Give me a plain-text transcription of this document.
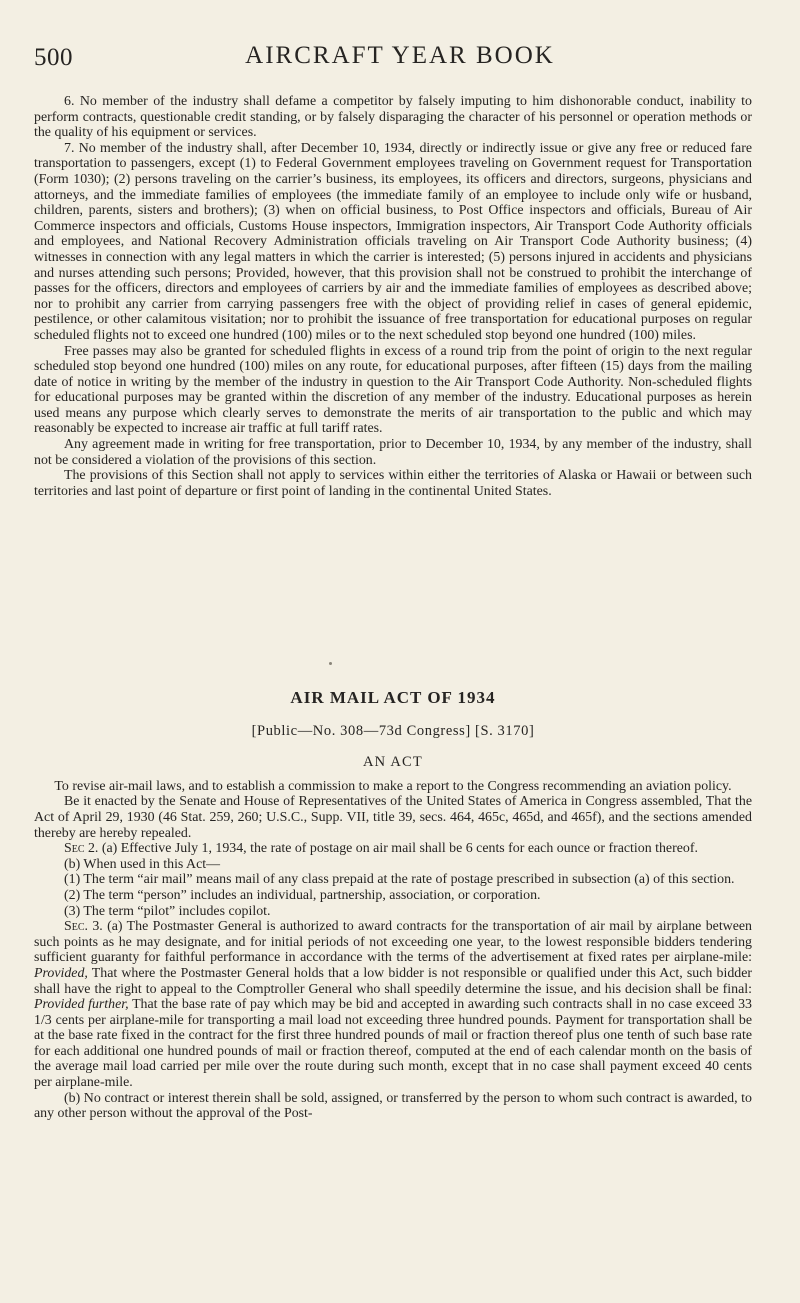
500	AIRCRAFT YEAR BOOK

6. No member of the industry shall defame a competitor by falsely imputing to him dishonorable conduct, inability to perform contracts, questionable credit standing, or by falsely disparaging the character of his personnel or operation methods or the quality of his equipment or services.

7. No member of the industry shall, after December 10, 1934, directly or indirectly issue or give any free or reduced fare transportation to passengers, except (1) to Federal Government employees traveling on Government request for Transportation (Form 1030); (2) persons traveling on the carrier’s business, its employees, its officers and directors, surgeons, physicians and attorneys, and the immediate families of employees (the immediate family of an employee to include only wife or husband, children, parents, sisters and brothers); (3) when on official business, to Post Office inspectors and officials, Bureau of Air Commerce inspectors and officials, Customs House inspectors, Immigration inspectors, Air Transport Code Authority officials and employees, and National Recovery Administration officials traveling on Air Transport Code Authority business; (4) witnesses in connection with any legal matters in which the carrier is interested; (5) persons injured in accidents and physicians and nurses attending such persons; Provided, however, that this provision shall not be construed to prohibit the interchange of passes for the officers, directors and employees of carriers by air and the immediate families of employees as described above; nor to prohibit any carrier from carrying passengers free with the object of providing relief in cases of general epidemic, pestilence, or other calamitous visitation; nor to prohibit the issuance of free transportation for educational purposes on regular scheduled flights not to exceed one hundred (100) miles or to the next scheduled stop beyond one hundred (100) miles.

Free passes may also be granted for scheduled flights in excess of a round trip from the point of origin to the next regular scheduled stop beyond one hundred (100) miles on any route, for educational purposes, after fifteen (15) days from the mailing date of notice in writing by the member of the industry in question to the Air Transport Code Authority. Non-scheduled flights for educational purposes may be granted within the discretion of any member of the industry. Educational purposes as herein used means any purpose which clearly serves to demonstrate the merits of air transportation to the public and which may reasonably be expected to increase air traffic at full tariff rates.

Any agreement made in writing for free transportation, prior to December 10, 1934, by any member of the industry, shall not be considered a violation of the provisions of this section.

The provisions of this Section shall not apply to services within either the territories of Alaska or Hawaii or between such territories and last point of departure or first point of landing in the continental United States.

AIR MAIL ACT OF 1934
[Public—No. 308—73d Congress] [S. 3170]
AN ACT

To revise air-mail laws, and to establish a commission to make a report to the Congress recommending an aviation policy.

Be it enacted by the Senate and House of Representatives of the United States of America in Congress assembled, That the Act of April 29, 1930 (46 Stat. 259, 260; U.S.C., Supp. VII, title 39, secs. 464, 465c, 465d, and 465f), and the sections amended thereby are hereby repealed.

Sec 2. (a) Effective July 1, 1934, the rate of postage on air mail shall be 6 cents for each ounce or fraction thereof.

(b) When used in this Act—

(1) The term “air mail” means mail of any class prepaid at the rate of postage prescribed in subsection (a) of this section.

(2) The term “person” includes an individual, partnership, association, or corporation.

(3) The term “pilot” includes copilot.

Sec. 3. (a) The Postmaster General is authorized to award contracts for the transportation of air mail by airplane between such points as he may designate, and for initial periods of not exceeding one year, to the lowest responsible bidders tendering sufficient guaranty for faithful performance in accordance with the terms of the advertisement at fixed rates per airplane-mile: Provided, That where the Postmaster General holds that a low bidder is not responsible or qualified under this Act, such bidder shall have the right to appeal to the Comptroller General who shall speedily determine the issue, and his decision shall be final: Provided further, That the base rate of pay which may be bid and accepted in awarding such contracts shall in no case exceed 33 1/3 cents per airplane-mile for transporting a mail load not exceeding three hundred pounds. Payment for transportation shall be at the base rate fixed in the contract for the first three hundred pounds of mail or fraction thereof plus one tenth of such base rate for each additional one hundred pounds of mail or fraction thereof, computed at the end of each calendar month on the basis of the average mail load carried per mile over the route during such month, except that in no case shall payment exceed 40 cents per airplane-mile.

(b) No contract or interest therein shall be sold, assigned, or transferred by the person to whom such contract is awarded, to any other person without the approval of the Post-
